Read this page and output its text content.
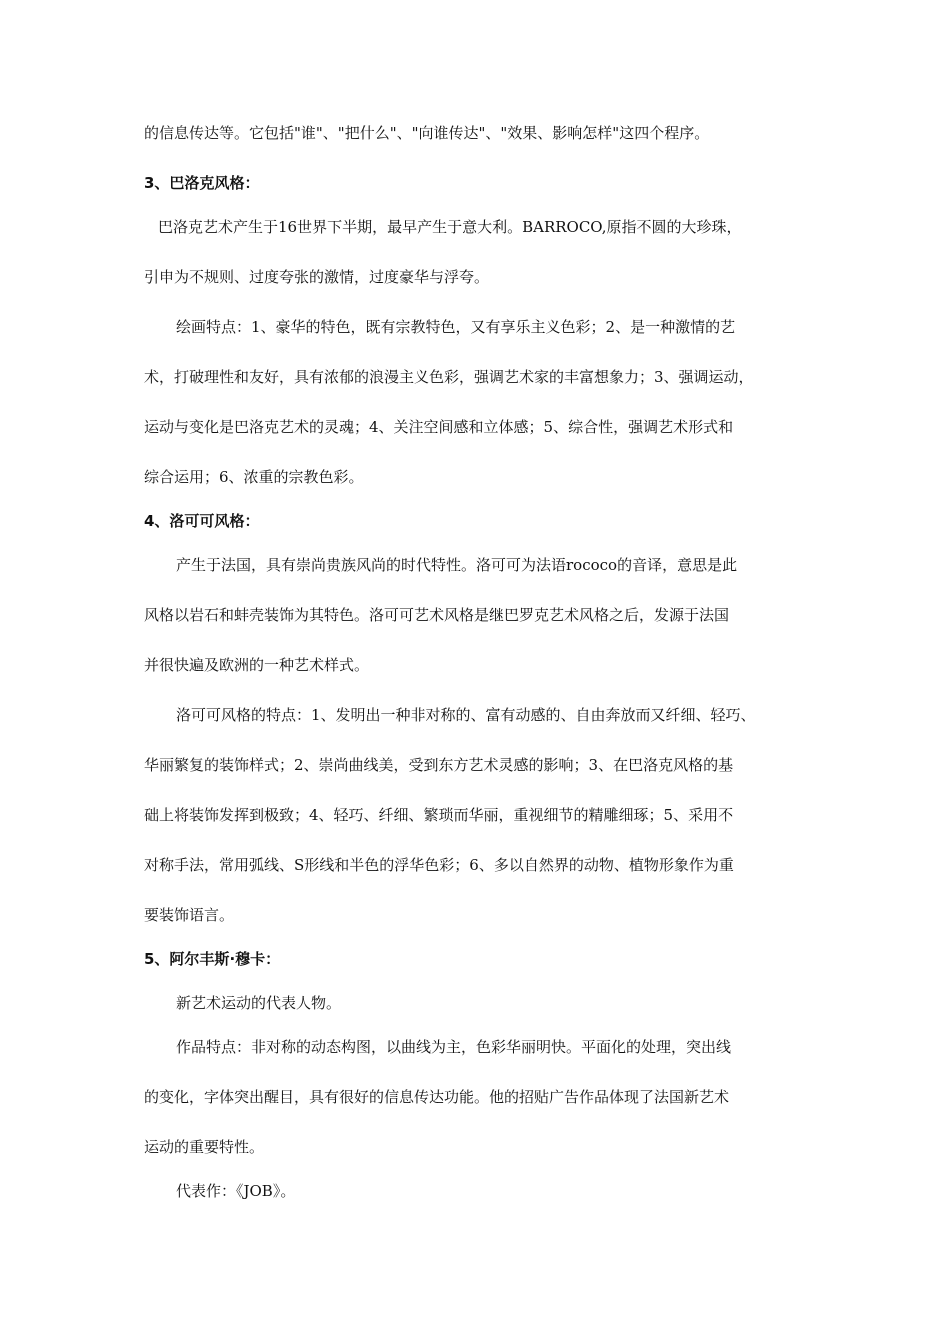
的信息传达等。它包括"谁"、"把什么"、"向谁传达"、"效果、影响怎样"这四个程序。
3、巴洛克风格：
巴洛克艺术产生于16世界下半期，最早产生于意大利。BARROCO,原指不圆的大珍珠，
引申为不规则、过度夸张的激情，过度豪华与浮夸。
绘画特点：1、豪华的特色，既有宗教特色，又有享乐主义色彩；2、是一种激情的艺
术，打破理性和友好，具有浓郁的浪漫主义色彩，强调艺术家的丰富想象力；3、强调运动，
运动与变化是巴洛克艺术的灵魂；4、关注空间感和立体感；5、综合性，强调艺术形式和
综合运用；6、浓重的宗教色彩。
4、洛可可风格：
产生于法国，具有崇尚贵族风尚的时代特性。洛可可为法语rococo的音译，意思是此
风格以岩石和蚌壳装饰为其特色。洛可可艺术风格是继巴罗克艺术风格之后，发源于法国
并很快遍及欧洲的一种艺术样式。
洛可可风格的特点：1、发明出一种非对称的、富有动感的、自由奔放而又纤细、轻巧、
华丽繁复的装饰样式；2、崇尚曲线美，受到东方艺术灵感的影响；3、在巴洛克风格的基
础上将装饰发挥到极致；4、轻巧、纤细、繁琐而华丽，重视细节的精雕细琢；5、采用不
对称手法，常用弧线、S形线和半色的浮华色彩；6、多以自然界的动物、植物形象作为重
要装饰语言。
5、阿尔丰斯·穆卡：
新艺术运动的代表人物。
作品特点：非对称的动态构图，以曲线为主，色彩华丽明快。平面化的处理，突出线
的变化，字体突出醒目，具有很好的信息传达功能。他的招贴广告作品体现了法国新艺术
运动的重要特性。
代表作：《JOB》。
